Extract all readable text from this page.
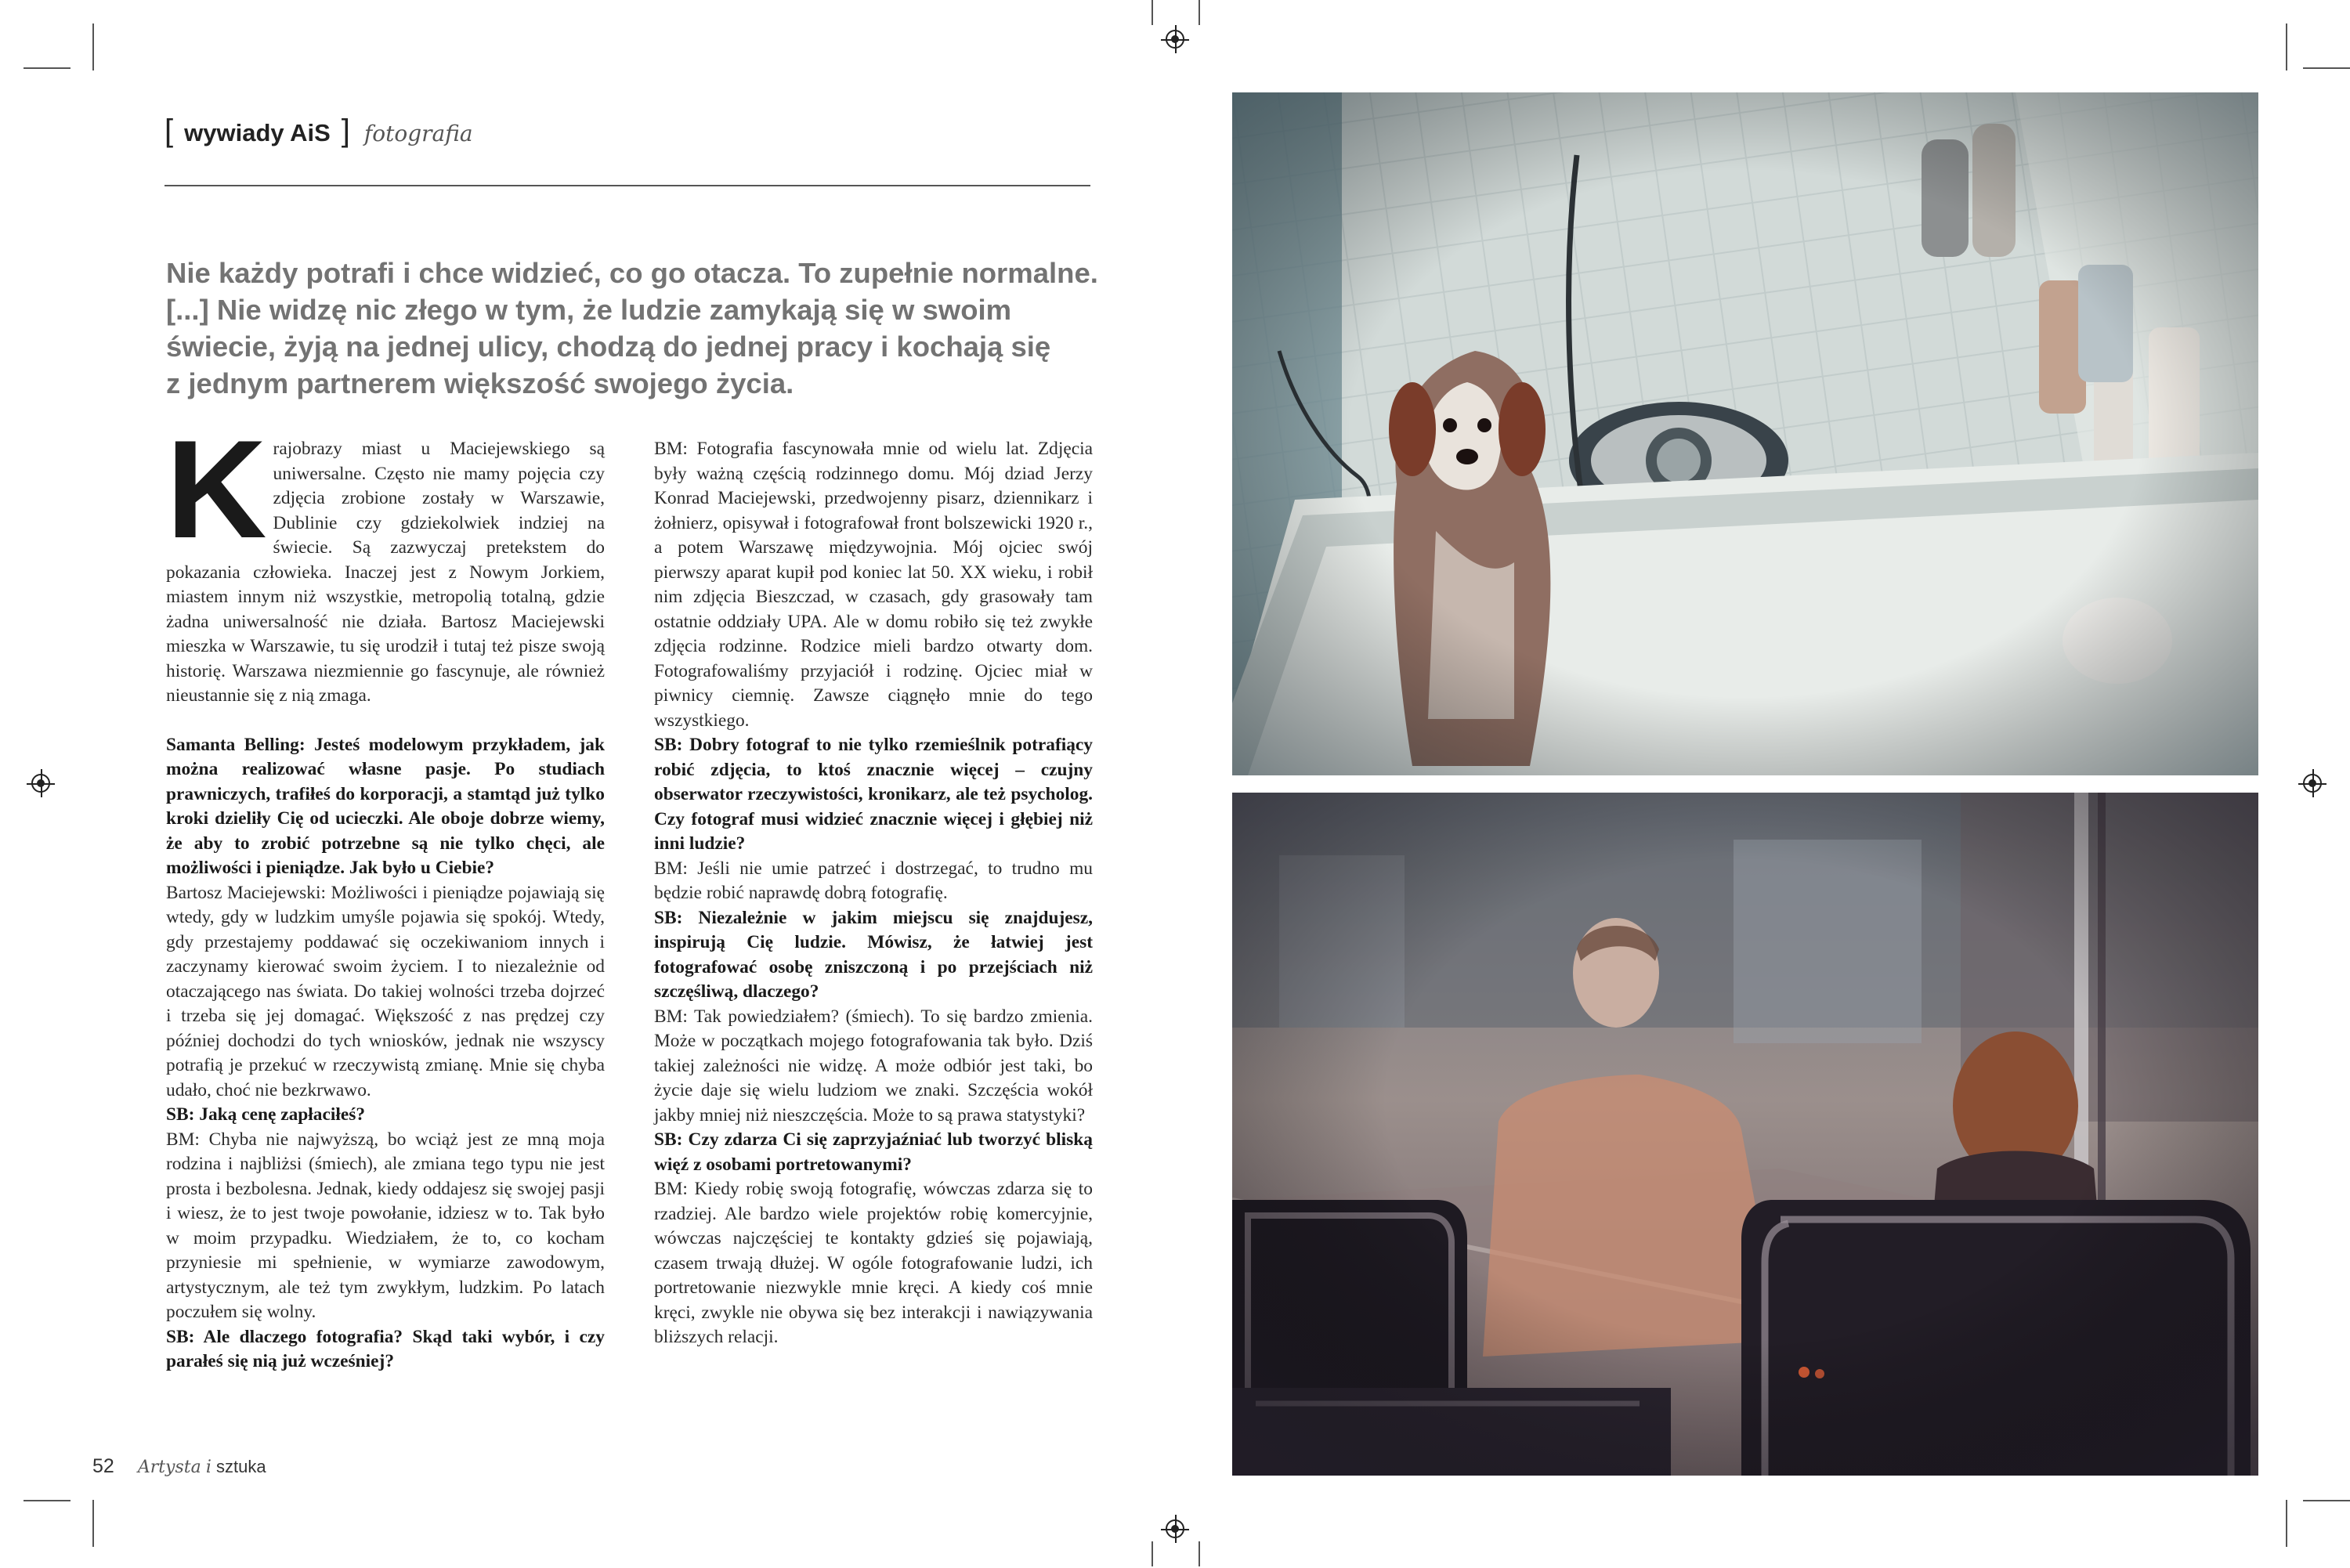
[ wywiady AiS ] fotografia
Nie każdy potrafi i chce widzieć, co go otacza. To zupełnie normalne.
[...] Nie widzę nic złego w tym, że ludzie zamykają się w swoim
świecie, żyją na jednej ulicy, chodzą do jednej pracy i kochają się
z jednym partnerem większość swojego życia.

Krajobrazy miast u Maciejewskiego są uniwersalne. Często nie mamy pojęcia czy zdjęcia zrobione zostały w Warszawie, Dublinie czy gdziekolwiek indziej na świecie. Są zazwyczaj pretekstem do pokazania człowieka. Inaczej jest z Nowym Jorkiem, miastem innym niż wszystkie, metropolią totalną, gdzie żadna uniwersalność nie działa. Bartosz Maciejewski mieszka w Warszawie, tu się urodził i tutaj też pisze swoją historię. Warszawa niezmiennie go fascynuje, ale również nieustannie się z nią zmaga.

Samanta Belling: Jesteś modelowym przykładem, jak można realizować własne pasje. Po studiach prawniczych, trafiłeś do korporacji, a stamtąd już tylko kroki dzieliły Cię od ucieczki. Ale oboje dobrze wiemy, że aby to zrobić potrzebne są nie tylko chęci, ale możliwości i pieniądze. Jak było u Ciebie?

Bartosz Maciejewski: Możliwości i pieniądze pojawiają się wtedy, gdy w ludzkim umyśle pojawia się spokój. Wtedy, gdy przestajemy poddawać się oczekiwaniom innych i zaczynamy kierować swoim życiem. I to niezależnie od otaczającego nas świata. Do takiej wolności trzeba dojrzeć i trzeba się jej domagać. Większość z nas prędzej czy później dochodzi do tych wniosków, jednak nie wszyscy potrafią je przekuć w rzeczywistą zmianę. Mnie się chyba udało, choć nie bezkrwawo.

SB: Jaką cenę zapłaciłeś?

BM: Chyba nie najwyższą, bo wciąż jest ze mną moja rodzina i najbliżsi (śmiech), ale zmiana tego typu nie jest prosta i bezbolesna. Jednak, kiedy oddajesz się swojej pasji i wiesz, że to jest twoje powołanie, idziesz w to. Tak było w moim przypadku. Wiedziałem, że to, co kocham przyniesie mi spełnienie, w wymiarze zawodowym, artystycznym, ale też tym zwykłym, ludzkim. Po latach poczułem się wolny.

SB: Ale dlaczego fotografia? Skąd taki wybór, i czy parałeś się nią już wcześniej?

BM: Fotografia fascynowała mnie od wielu lat. Zdjęcia były ważną częścią rodzinnego domu. Mój dziad Jerzy Konrad Maciejewski, przedwojenny pisarz, dziennikarz i żołnierz, opisywał i fotografował front bolszewicki 1920 r., a potem Warszawę międzywojnia. Mój ojciec swój pierwszy aparat kupił pod koniec lat 50. XX wieku, i robił nim zdjęcia Bieszczad, w czasach, gdy grasowały tam ostatnie oddziały UPA. Ale w domu robiło się też zwykłe zdjęcia rodzinne. Rodzice mieli bardzo otwarty dom. Fotografowaliśmy przyjaciół i rodzinę. Ojciec miał w piwnicy ciemnię. Zawsze ciągnęło mnie do tego wszystkiego.

SB: Dobry fotograf to nie tylko rzemieślnik potrafiący robić zdjęcia, to ktoś znacznie więcej – czujny obserwator rzeczywistości, kronikarz, ale też psycholog. Czy fotograf musi widzieć znacznie więcej i głębiej niż inni ludzie?

BM: Jeśli nie umie patrzeć i dostrzegać, to trudno mu będzie robić naprawdę dobrą fotografię.

SB: Niezależnie w jakim miejscu się znajdujesz, inspirują Cię ludzie. Mówisz, że łatwiej jest fotografować osobę zniszczoną i po przejściach niż szczęśliwą, dlaczego?

BM: Tak powiedziałem? (śmiech). To się bardzo zmienia. Może w początkach mojego fotografowania tak było. Dziś takiej zależności nie widzę. A może odbiór jest taki, bo życie daje się wielu ludziom we znaki. Szczęścia wokół jakby mniej niż nieszczęścia. Może to są prawa statystyki?

SB: Czy zdarza Ci się zaprzyjaźniać lub tworzyć bliską więź z osobami portretowanymi?

BM: Kiedy robię swoją fotografię, wówczas zdarza się to rzadziej. Ale bardzo wiele projektów robię komercyjnie, wówczas najczęściej te kontakty gdzieś się pojawiają, czasem trwają dłużej. W ogóle fotografowanie ludzi, ich portretowanie niezwykle mnie kręci. A kiedy coś mnie kręci, zwykle nie obywa się bez interakcji i nawiązywania bliższych relacji.

52 Artysta i sztuka
